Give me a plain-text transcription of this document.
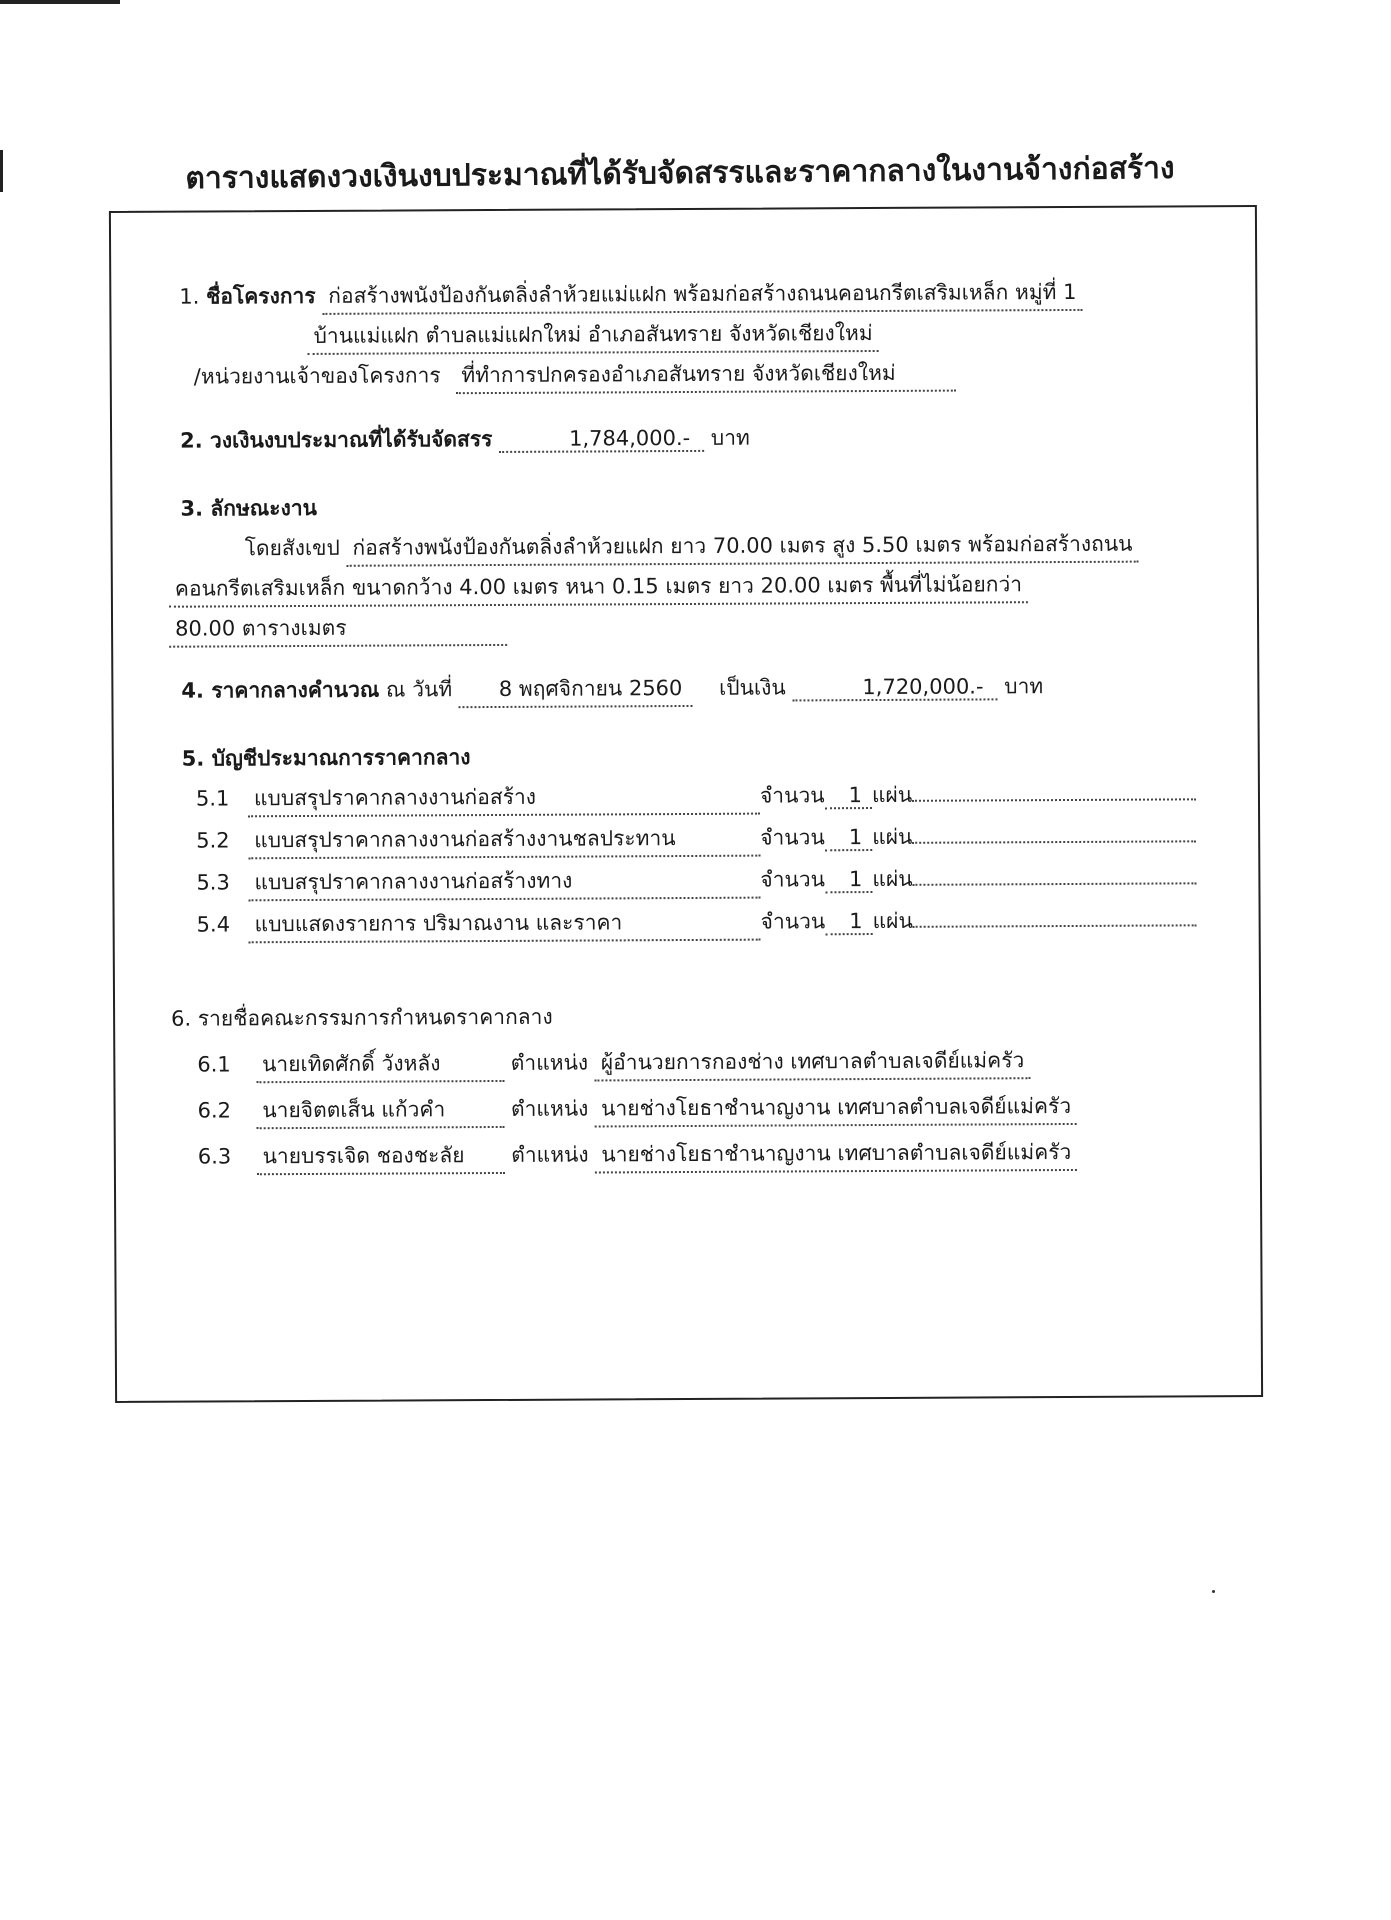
ตารางแสดงวงเงินงบประมาณที่ได้รับจัดสรรและราคากลางในงานจ้างก่อสร้าง
1. ชื่อโครงการ ก่อสร้างพนังป้องกันตลิ่งลำห้วยแม่แฝก พร้อมก่อสร้างถนนคอนกรีตเสริมเหล็ก หมู่ที่ 1
บ้านแม่แฝก ตำบลแม่แฝกใหม่ อำเภอสันทราย จังหวัดเชียงใหม่
/หน่วยงานเจ้าของโครงการ ที่ทำการปกครองอำเภอสันทราย จังหวัดเชียงใหม่
2. วงเงินงบประมาณที่ได้รับจัดสรร	1,784,000.- บาท
3. ลักษณะงาน
โดยสังเขป ก่อสร้างพนังป้องกันตลิ่งลำห้วยแฝก ยาว 70.00 เมตร สูง 5.50 เมตร พร้อมก่อสร้างถนน
คอนกรีตเสริมเหล็ก ขนาดกว้าง 4.00 เมตร หนา 0.15 เมตร ยาว 20.00 เมตร พื้นที่ไม่น้อยกว่า
80.00 ตารางเมตร
4. ราคากลางคำนวณ ณ วันที่ 8 พฤศจิกายน 2560 เป็นเงิน	1,720,000.- บาท
5. บัญชีประมาณการราคากลาง
5.1	แบบสรุปราคากลางงานก่อสร้าง	จำนวน	1 แผ่น
5.2	แบบสรุปราคากลางงานก่อสร้างงานชลประทาน	จำนวน	1 แผ่น
5.3	แบบสรุปราคากลางงานก่อสร้างทาง	จำนวน	1 แผ่น
5.4	แบบแสดงรายการ ปริมาณงาน และราคา	จำนวน	1 แผ่น
6. รายชื่อคณะกรรมการกำหนดราคากลาง
6.1 นายเทิดศักดิ์ วังหลัง	ตำแหน่ง ผู้อำนวยการกองช่าง เทศบาลตำบลเจดีย์แม่ครัว
6.2 นายจิตตเส็น แก้วคำ	ตำแหน่ง นายช่างโยธาชำนาญงาน เทศบาลตำบลเจดีย์แม่ครัว
6.3 นายบรรเจิด ชองชะลัย ตำแหน่ง นายช่างโยธาชำนาญงาน เทศบาลตำบลเจดีย์แม่ครัว
